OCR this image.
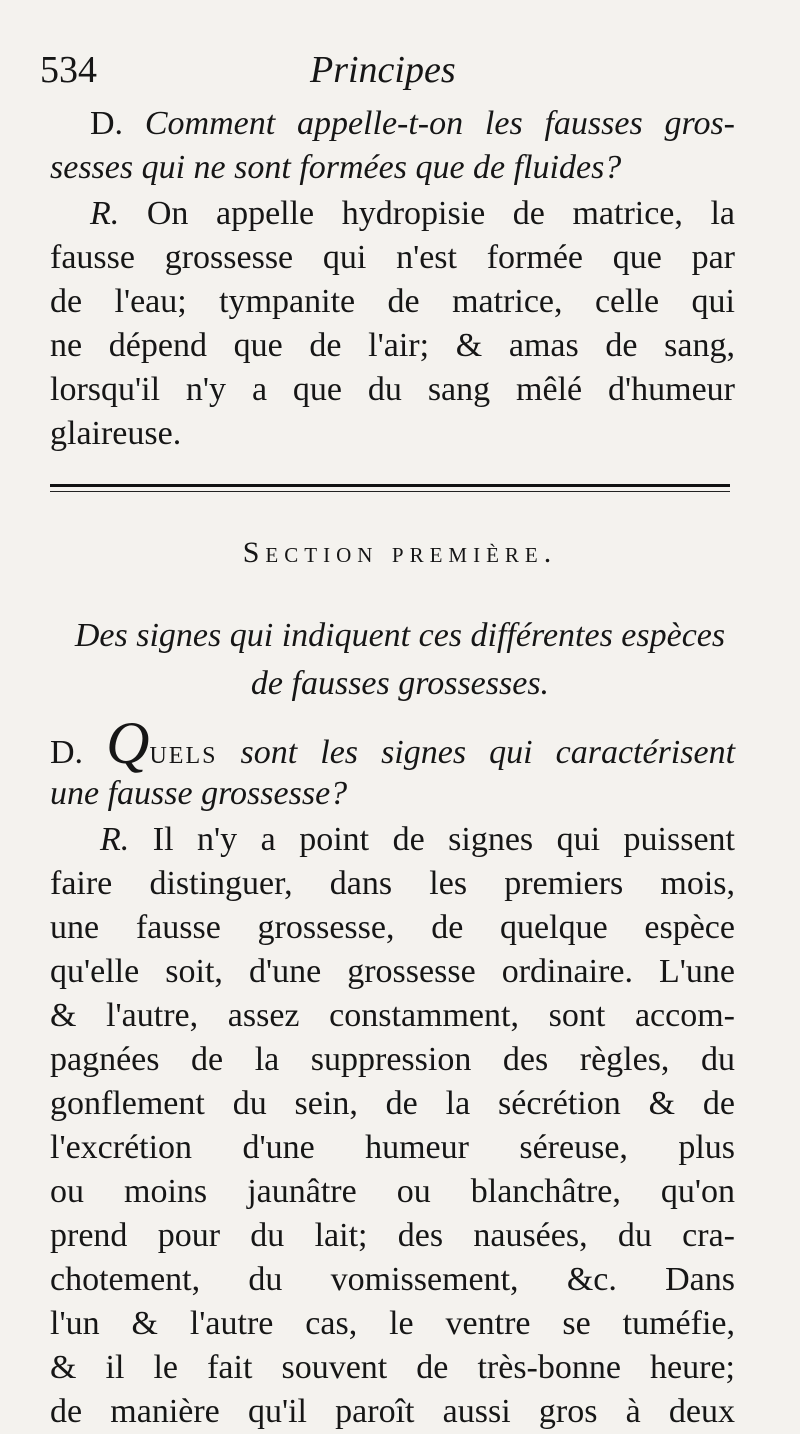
534	Principes
D. Comment appelle-t-on les fausses gros-
sesses qui ne sont formées que de fluides?
R. On appelle hydropisie de matrice, la
fausse grossesse qui n'est formée que par
de l'eau; tympanite de matrice, celle qui
ne dépend que de l'air; & amas de sang,
lorsqu'il n'y a que du sang mêlé d'humeur
glaireuse.
Section première.
Des signes qui indiquent ces différentes espèces
de fausses grossesses.
D. Quels sont les signes qui caractérisent
une fausse grossesse?
R. Il n'y a point de signes qui puissent
faire distinguer, dans les premiers mois,
une fausse grossesse, de quelque espèce
qu'elle soit, d'une grossesse ordinaire. L'une
& l'autre, assez constamment, sont accom-
pagnées de la suppression des règles, du
gonflement du sein, de la sécrétion & de
l'excrétion d'une humeur séreuse, plus
ou moins jaunâtre ou blanchâtre, qu'on
prend pour du lait; des nausées, du cra-
chotement, du vomissement, &c. Dans
l'un & l'autre cas, le ventre se tuméfie,
& il le fait souvent de très-bonne heure;
de manière qu'il paroît aussi gros à deux
